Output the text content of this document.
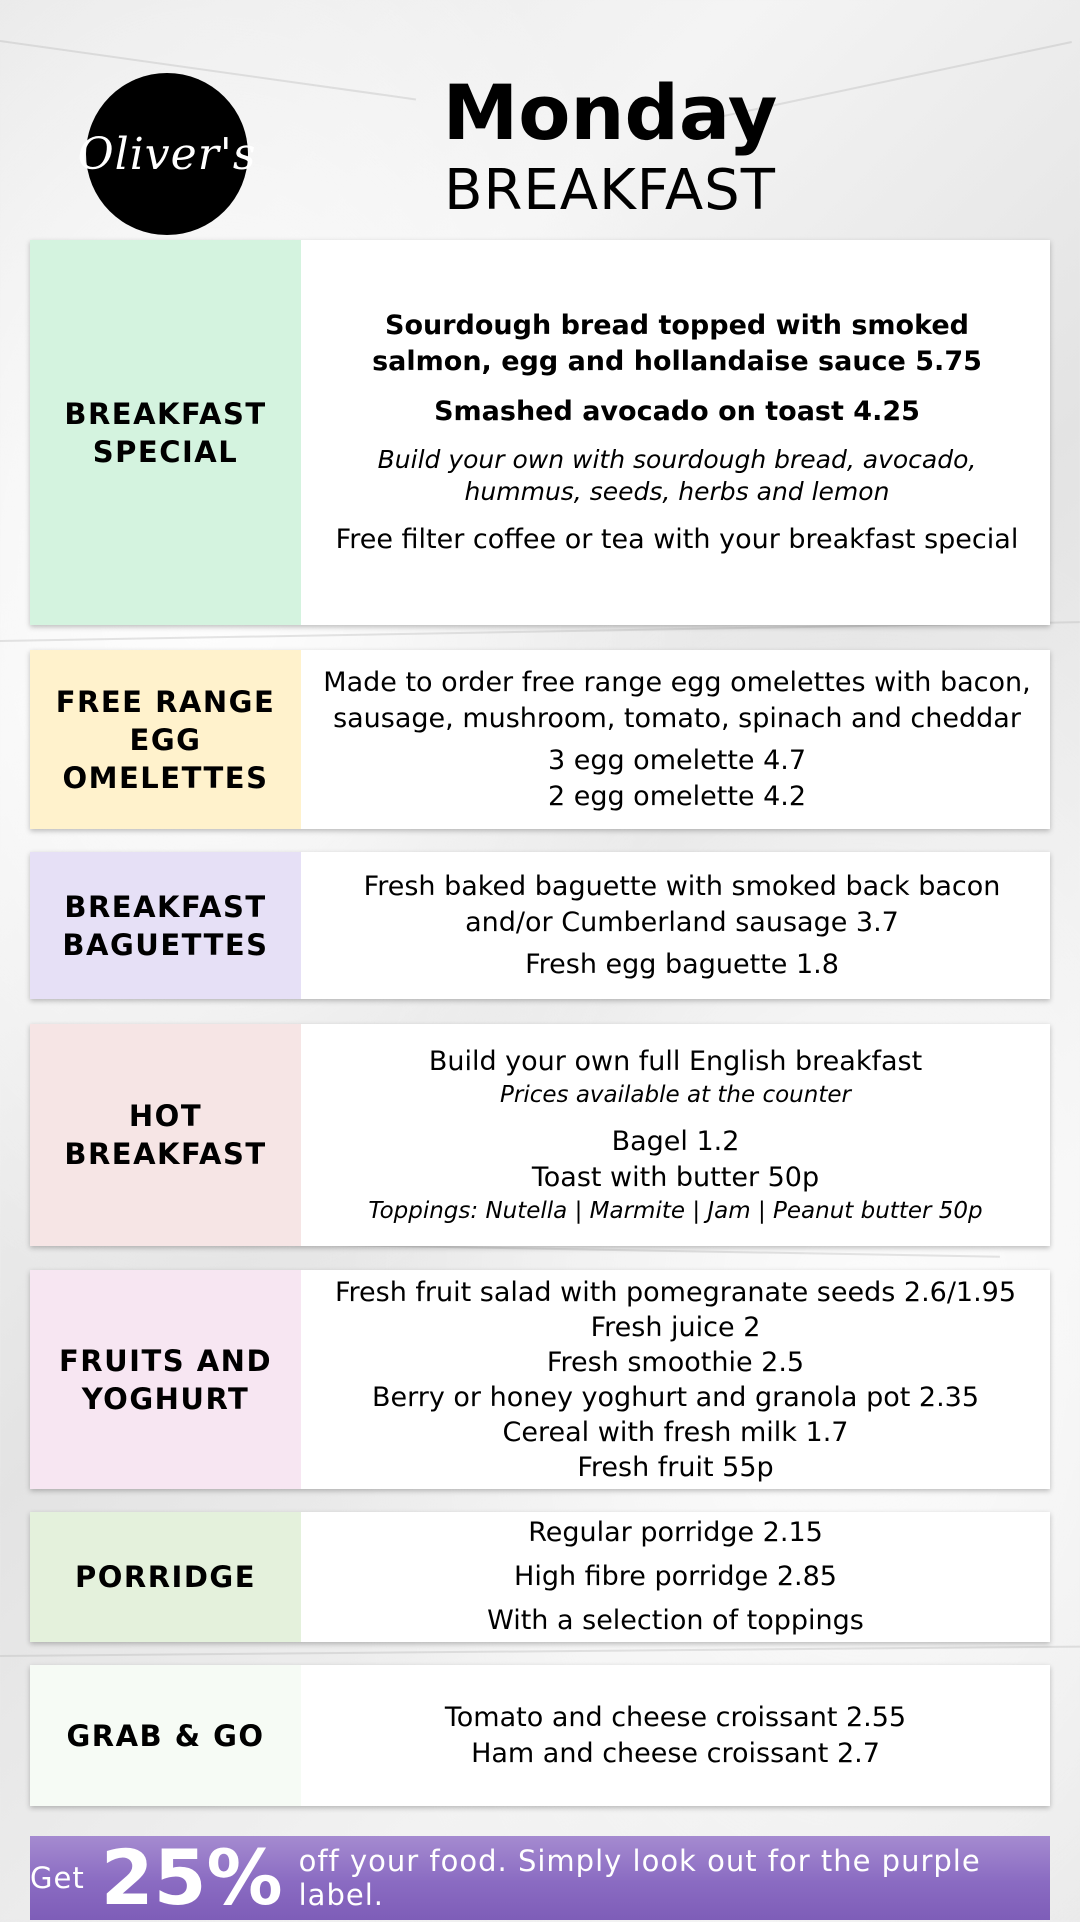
Oliver's	Monday
BREAKFAST
BREAKFAST SPECIAL
Sourdough bread topped with smoked salmon, egg and hollandaise sauce 5.75
Smashed avocado on toast 4.25
Build your own with sourdough bread, avocado, hummus, seeds, herbs and lemon
Free filter coffee or tea with your breakfast special
FREE RANGE EGG OMELETTES
Made to order free range egg omelettes with bacon, sausage, mushroom, tomato, spinach and cheddar
3 egg omelette 4.7
2 egg omelette 4.2
BREAKFAST BAGUETTES
Fresh baked baguette with smoked back bacon and/or Cumberland sausage 3.7
Fresh egg baguette 1.8
HOT BREAKFAST
Build your own full English breakfast
Prices available at the counter
Bagel 1.2
Toast with butter 50p
Toppings: Nutella | Marmite | Jam | Peanut butter 50p
FRUITS AND YOGHURT
Fresh fruit salad with pomegranate seeds 2.6/1.95
Fresh juice 2
Fresh smoothie 2.5
Berry or honey yoghurt and granola pot 2.35
Cereal with fresh milk 1.7
Fresh fruit 55p
PORRIDGE
Regular porridge 2.15
High fibre porridge 2.85
With a selection of toppings
GRAB & GO
Tomato and cheese croissant 2.55
Ham and cheese croissant 2.7
Get 25% off your food. Simply look out for the purple label.
